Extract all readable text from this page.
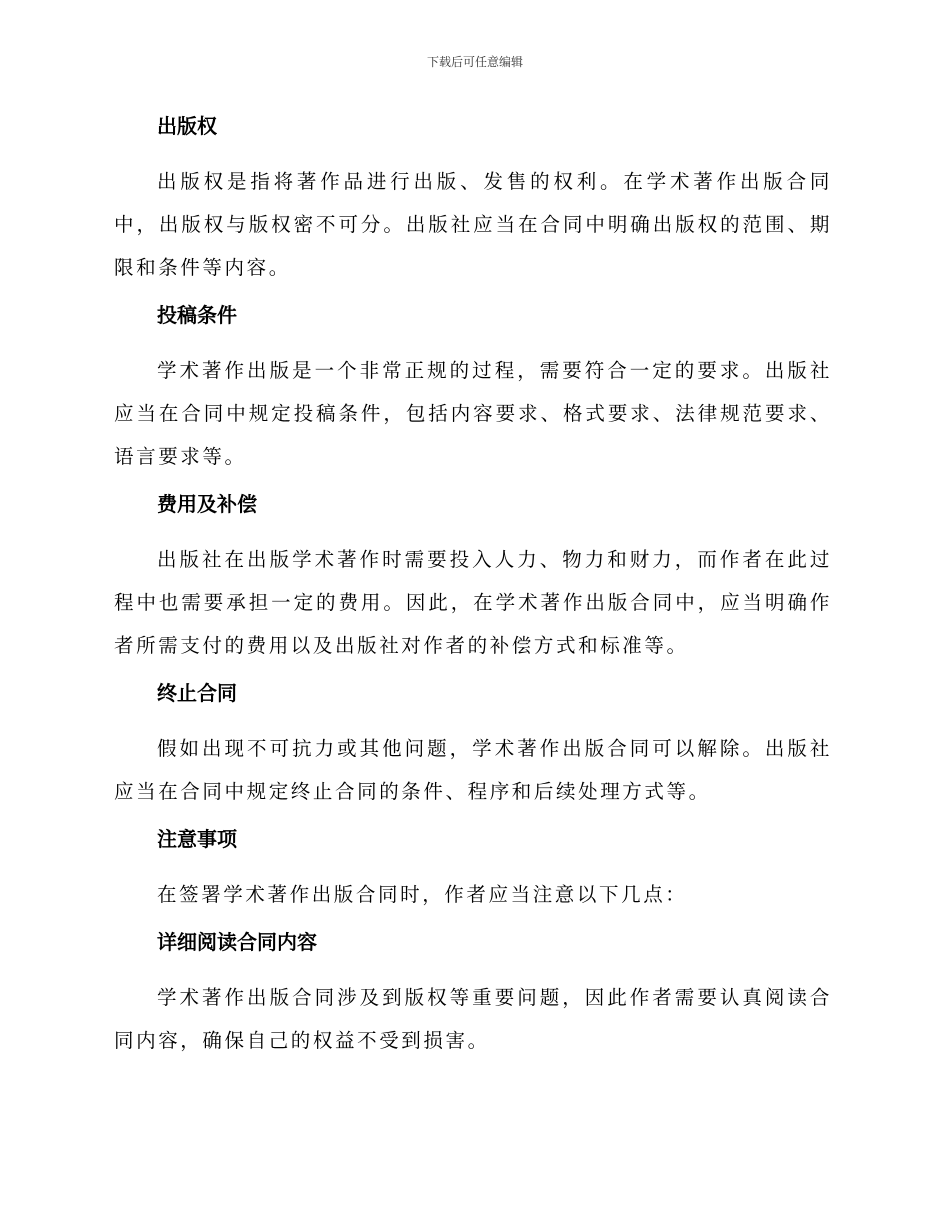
下载后可任意编辑
出版权

出版权是指将著作品进行出版、发售的权利。在学术著作出版合同中，出版权与版权密不可分。出版社应当在合同中明确出版权的范围、期限和条件等内容。

投稿条件

学术著作出版是一个非常正规的过程，需要符合一定的要求。出版社应当在合同中规定投稿条件，包括内容要求、格式要求、法律规范要求、语言要求等。

费用及补偿

出版社在出版学术著作时需要投入人力、物力和财力，而作者在此过程中也需要承担一定的费用。因此，在学术著作出版合同中，应当明确作者所需支付的费用以及出版社对作者的补偿方式和标准等。

终止合同

假如出现不可抗力或其他问题，学术著作出版合同可以解除。出版社应当在合同中规定终止合同的条件、程序和后续处理方式等。

注意事项

在签署学术著作出版合同时，作者应当注意以下几点：

详细阅读合同内容

学术著作出版合同涉及到版权等重要问题，因此作者需要认真阅读合同内容，确保自己的权益不受到损害。
